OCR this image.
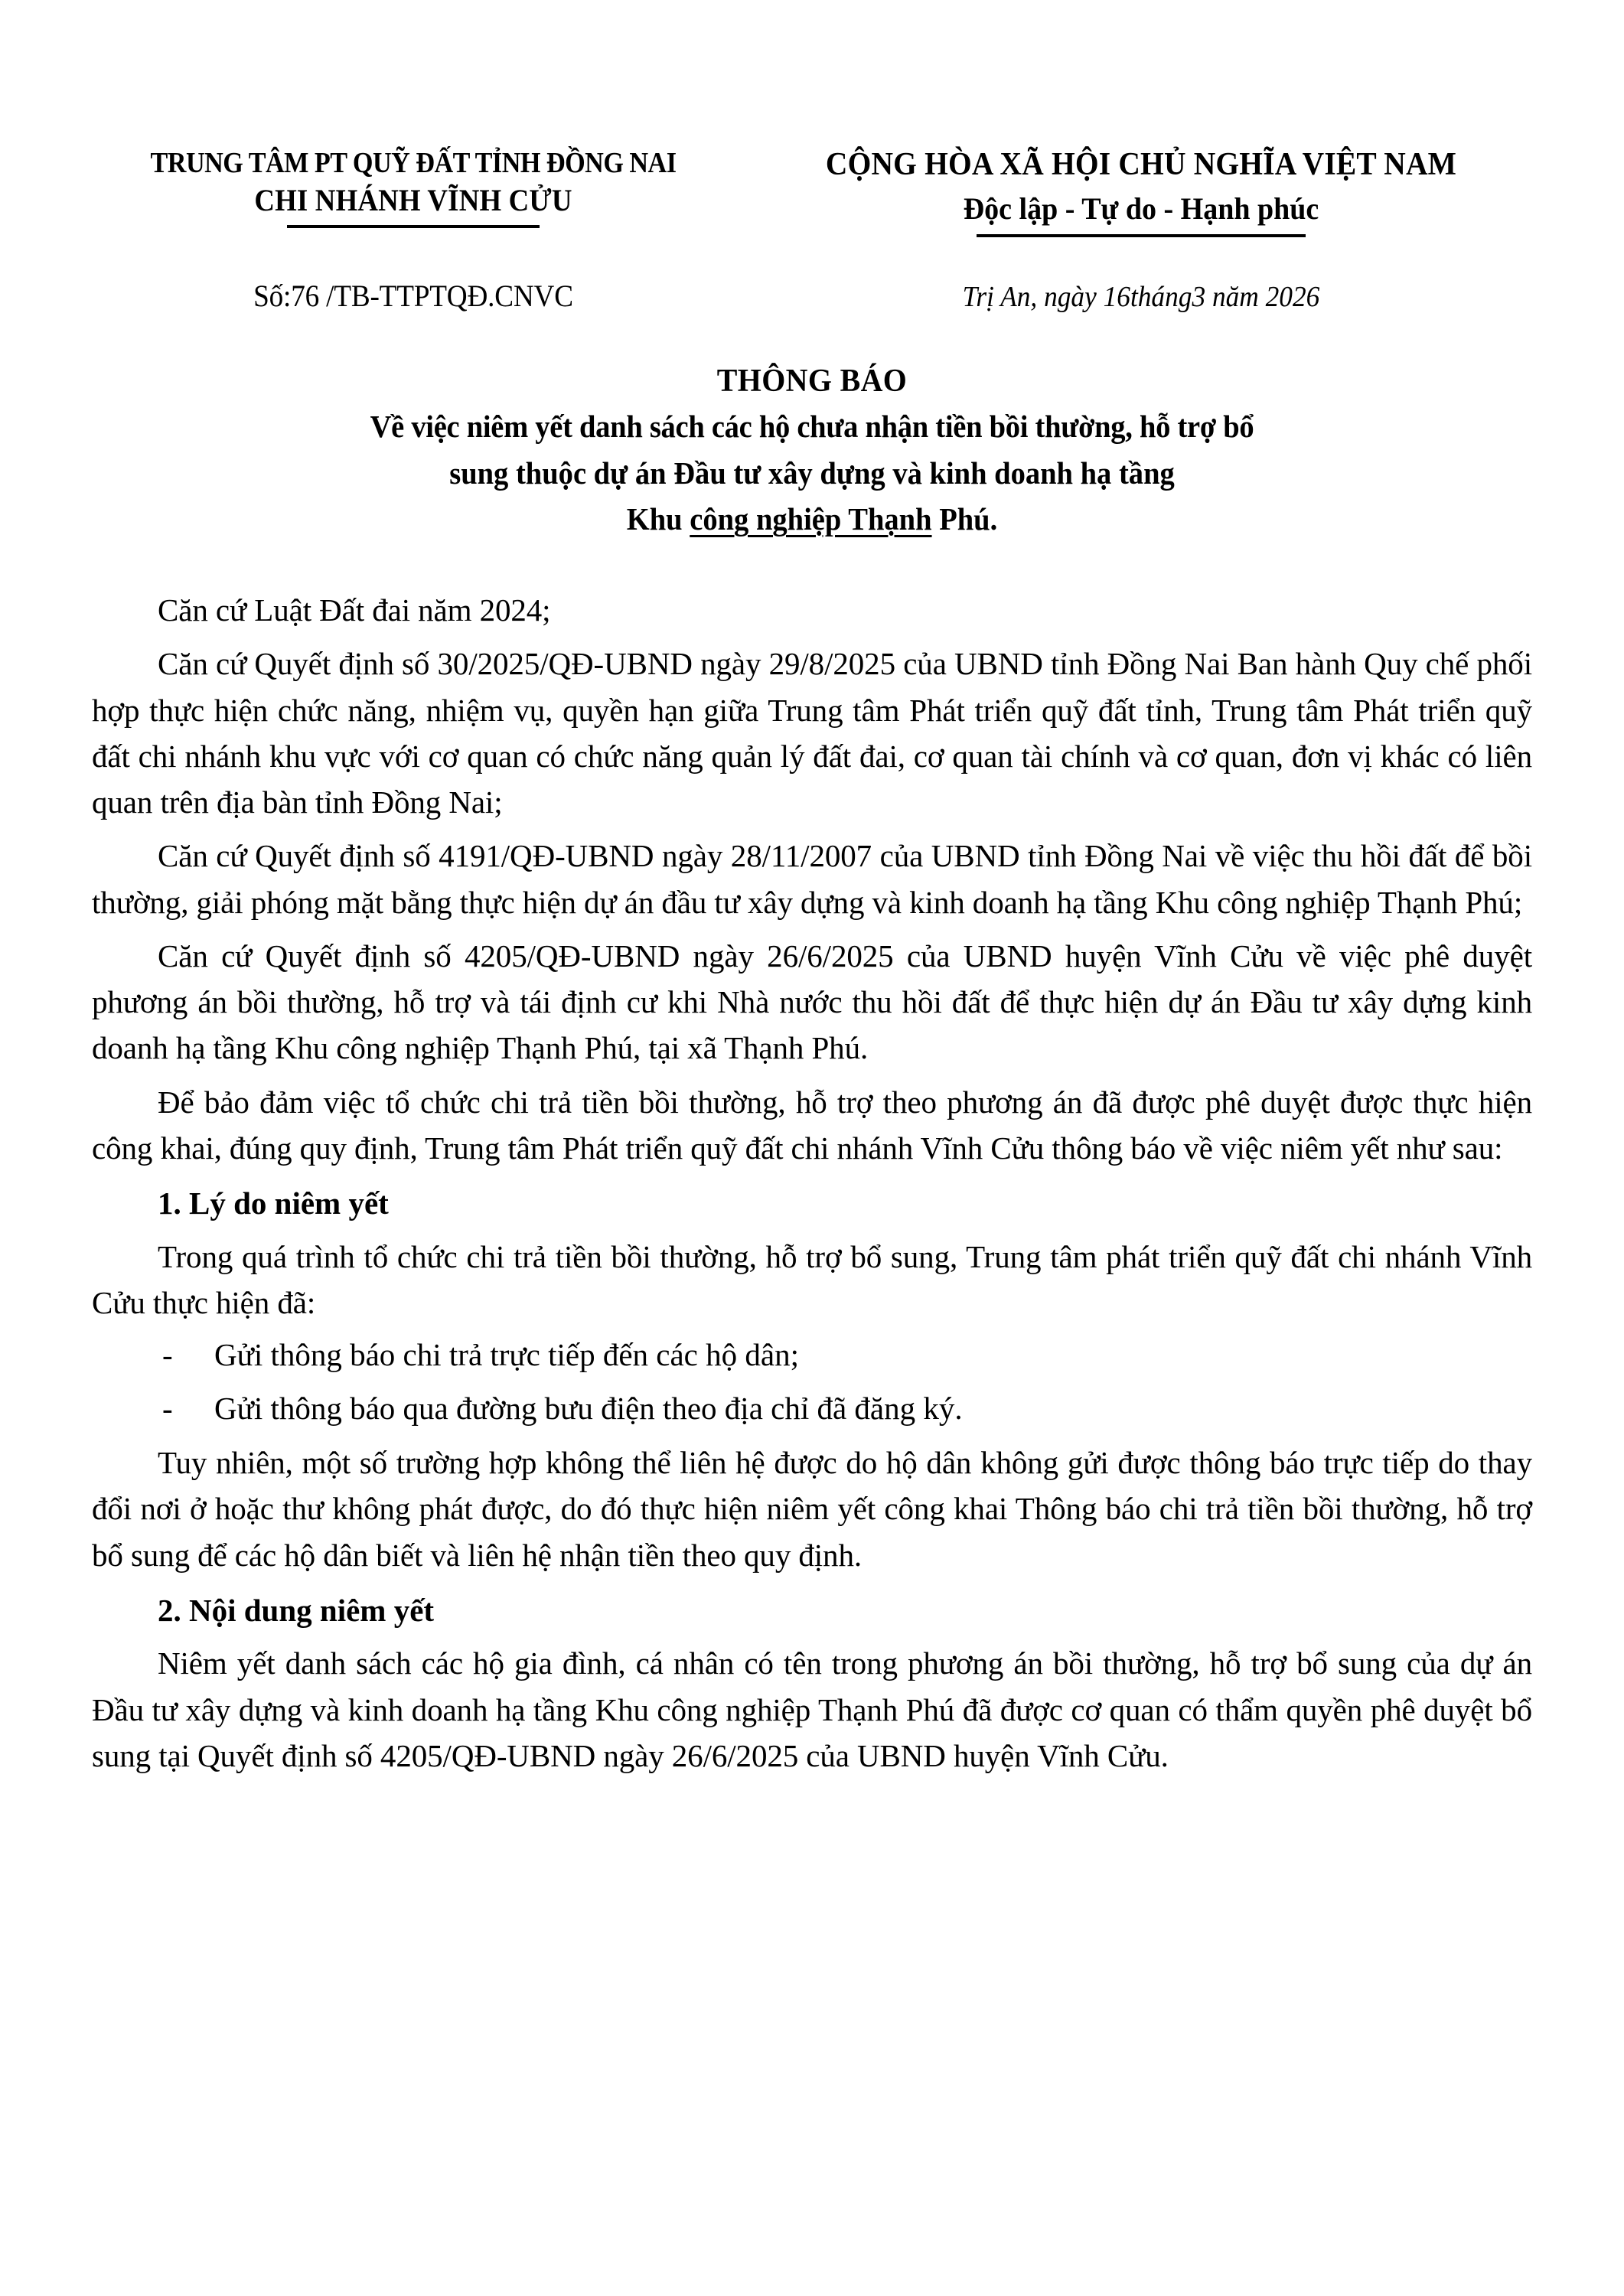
TRUNG TÂM PT QUỸ ĐẤT TỈNH ĐỒNG NAI
CHI NHÁNH VĨNH CỬU
CỘNG HÒA XÃ HỘI CHỦ NGHĨA VIỆT NAM
Độc lập - Tự do - Hạnh phúc
Số:76 /TB-TTPTQĐ.CNVC	Trị An, ngày 16tháng3 năm 2026
THÔNG BÁO
Về việc niêm yết danh sách các hộ chưa nhận tiền bồi thường, hỗ trợ bổ
sung thuộc dự án Đầu tư xây dựng và kinh doanh hạ tầng
Khu công nghiệp Thạnh Phú.

Căn cứ Luật Đất đai năm 2024;

Căn cứ Quyết định số 30/2025/QĐ-UBND ngày 29/8/2025 của UBND tỉnh Đồng Nai Ban hành Quy chế phối hợp thực hiện chức năng, nhiệm vụ, quyền hạn giữa Trung tâm Phát triển quỹ đất tỉnh, Trung tâm Phát triển quỹ đất chi nhánh khu vực với cơ quan có chức năng quản lý đất đai, cơ quan tài chính và cơ quan, đơn vị khác có liên quan trên địa bàn tỉnh Đồng Nai;

Căn cứ Quyết định số 4191/QĐ-UBND ngày 28/11/2007 của UBND tỉnh Đồng Nai về việc thu hồi đất để bồi thường, giải phóng mặt bằng thực hiện dự án đầu tư xây dựng và kinh doanh hạ tầng Khu công nghiệp Thạnh Phú;

Căn cứ Quyết định số 4205/QĐ-UBND ngày 26/6/2025 của UBND huyện Vĩnh Cửu về việc phê duyệt phương án bồi thường, hỗ trợ và tái định cư khi Nhà nước thu hồi đất để thực hiện dự án Đầu tư xây dựng kinh doanh hạ tầng Khu công nghiệp Thạnh Phú, tại xã Thạnh Phú.

Để bảo đảm việc tổ chức chi trả tiền bồi thường, hỗ trợ theo phương án đã được phê duyệt được thực hiện công khai, đúng quy định, Trung tâm Phát triển quỹ đất chi nhánh Vĩnh Cửu thông báo về việc niêm yết như sau:

1. Lý do niêm yết

Trong quá trình tổ chức chi trả tiền bồi thường, hỗ trợ bổ sung, Trung tâm phát triển quỹ đất chi nhánh Vĩnh Cửu thực hiện đã:

- Gửi thông báo chi trả trực tiếp đến các hộ dân;
- Gửi thông báo qua đường bưu điện theo địa chỉ đã đăng ký.

Tuy nhiên, một số trường hợp không thể liên hệ được do hộ dân không gửi được thông báo trực tiếp do thay đổi nơi ở hoặc thư không phát được, do đó thực hiện niêm yết công khai Thông báo chi trả tiền bồi thường, hỗ trợ bổ sung để các hộ dân biết và liên hệ nhận tiền theo quy định.

2. Nội dung niêm yết

Niêm yết danh sách các hộ gia đình, cá nhân có tên trong phương án bồi thường, hỗ trợ bổ sung của dự án Đầu tư xây dựng và kinh doanh hạ tầng Khu công nghiệp Thạnh Phú đã được cơ quan có thẩm quyền phê duyệt bổ sung tại Quyết định số 4205/QĐ-UBND ngày 26/6/2025 của UBND huyện Vĩnh Cửu.
